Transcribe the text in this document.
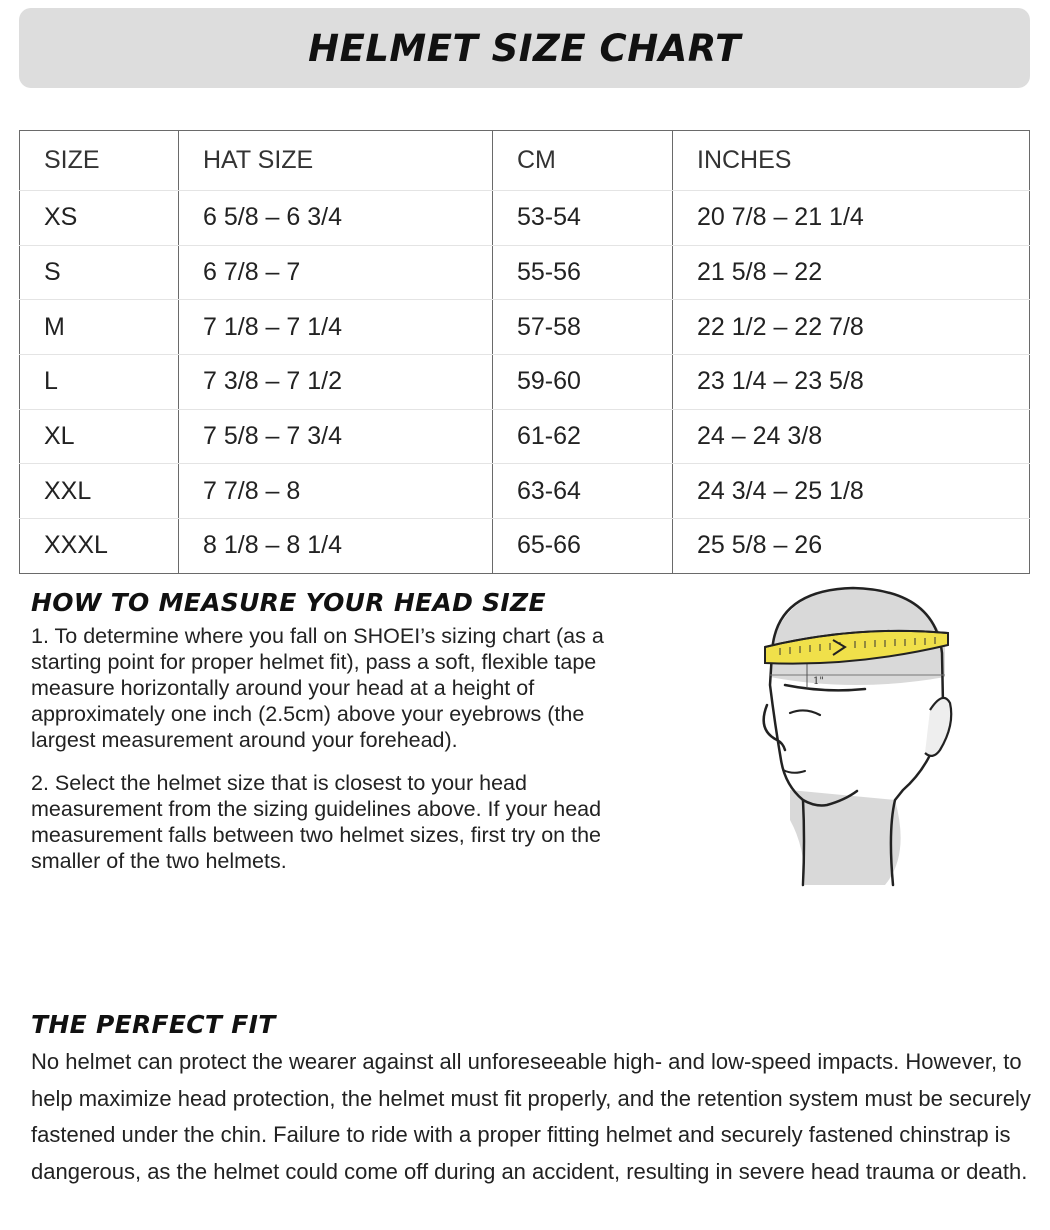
HELMET SIZE CHART
SIZE	HAT SIZE	CM	INCHES
XS	6 5/8 – 6 3/4	53-54	20 7/8 – 21 1/4
S	6 7/8 – 7	55-56	21 5/8 – 22
M	7 1/8 – 7 1/4	57-58	22 1/2 – 22 7/8
L	7 3/8 – 7 1/2	59-60	23 1/4 – 23 5/8
XL	7 5/8 – 7 3/4	61-62	24 – 24 3/8
XXL	7 7/8 – 8	63-64	24 3/4 – 25 1/8
XXXL	8 1/8 – 8 1/4	65-66	25 5/8 – 26
HOW TO MEASURE YOUR HEAD SIZE

1. To determine where you fall on SHOEI’s sizing chart (as a starting point for proper helmet fit), pass a soft, flexible tape measure horizontally around your head at a height of approximately one inch (2.5cm) above your eyebrows (the largest measurement around your forehead).

2. Select the helmet size that is closest to your head measurement from the sizing guidelines above. If your head measurement falls between two helmet sizes, first try on the smaller of the two helmets.

1"
THE PERFECT FIT

No helmet can protect the wearer against all unforeseeable high- and low-speed impacts. However, to help maximize head protection, the helmet must fit properly, and the retention system must be securely fastened under the chin. Failure to ride with a proper fitting helmet and securely fastened chinstrap is dangerous, as the helmet could come off during an accident, resulting in severe head trauma or death.
